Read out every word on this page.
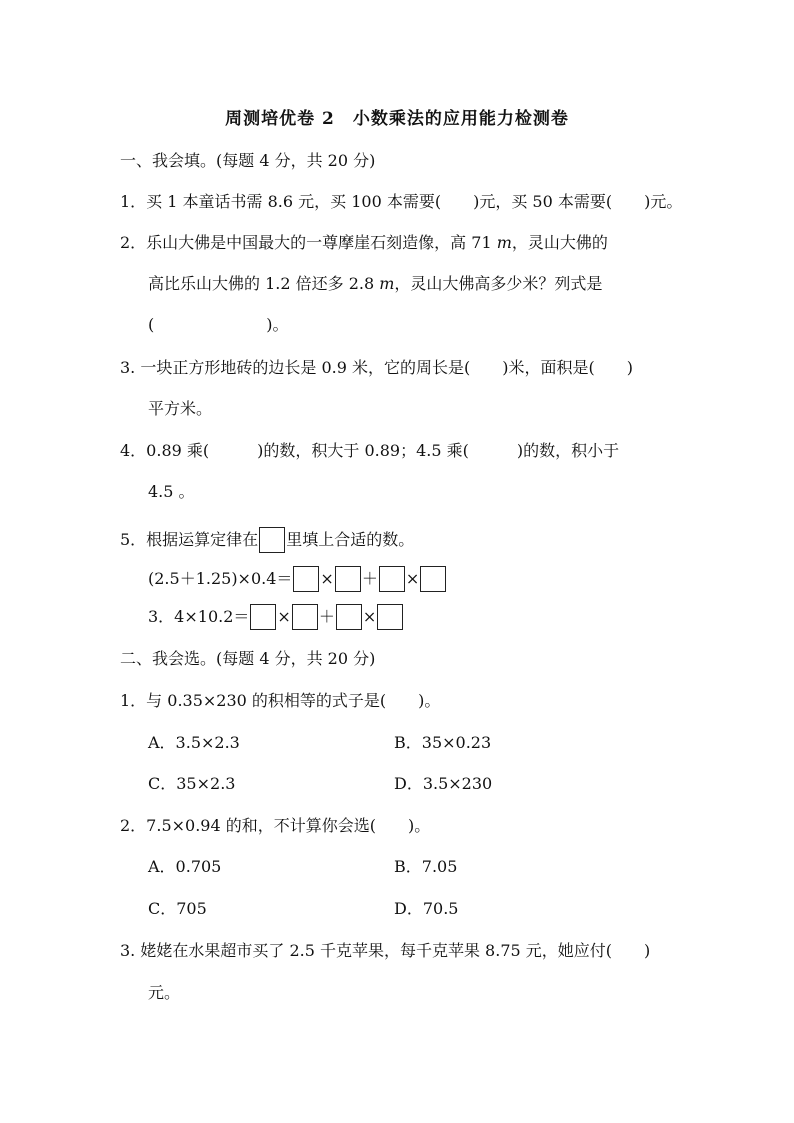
周测培优卷 2　小数乘法的应用能力检测卷
一、我会填。(每题 4 分，共 20 分)
1．买 1 本童话书需 8.6 元，买 100 本需要(　　)元，买 50 本需要(　　)元。
2．乐山大佛是中国最大的一尊摩崖石刻造像，高 71 m，灵山大佛的
高比乐山大佛的 1.2 倍还多 2.8 m，灵山大佛高多少米？列式是
(　　　　　　　)。
3. 一块正方形地砖的边长是 0.9 米，它的周长是(　　)米，面积是(　　)
平方米。
4．0.89 乘(　　　)的数，积大于 0.89；4.5 乘(　　　)的数，积小于
4.5 。
5．根据运算定律在 里填上合适的数。
(2.5＋1.25)×0.4＝ × ＋ ×
3．4×10.2＝ × ＋ ×
二、我会选。(每题 4 分，共 20 分)
1．与 0.35×230 的积相等的式子是(　　)。
A．3.5×2.3	B．35×0.23
C．35×2.3	D．3.5×230
2．7.5×0.94 的和，不计算你会选(　　)。
A．0.705	B．7.05
C．705	D．70.5
3. 姥姥在水果超市买了 2.5 千克苹果，每千克苹果 8.75 元，她应付(　　)
元。
